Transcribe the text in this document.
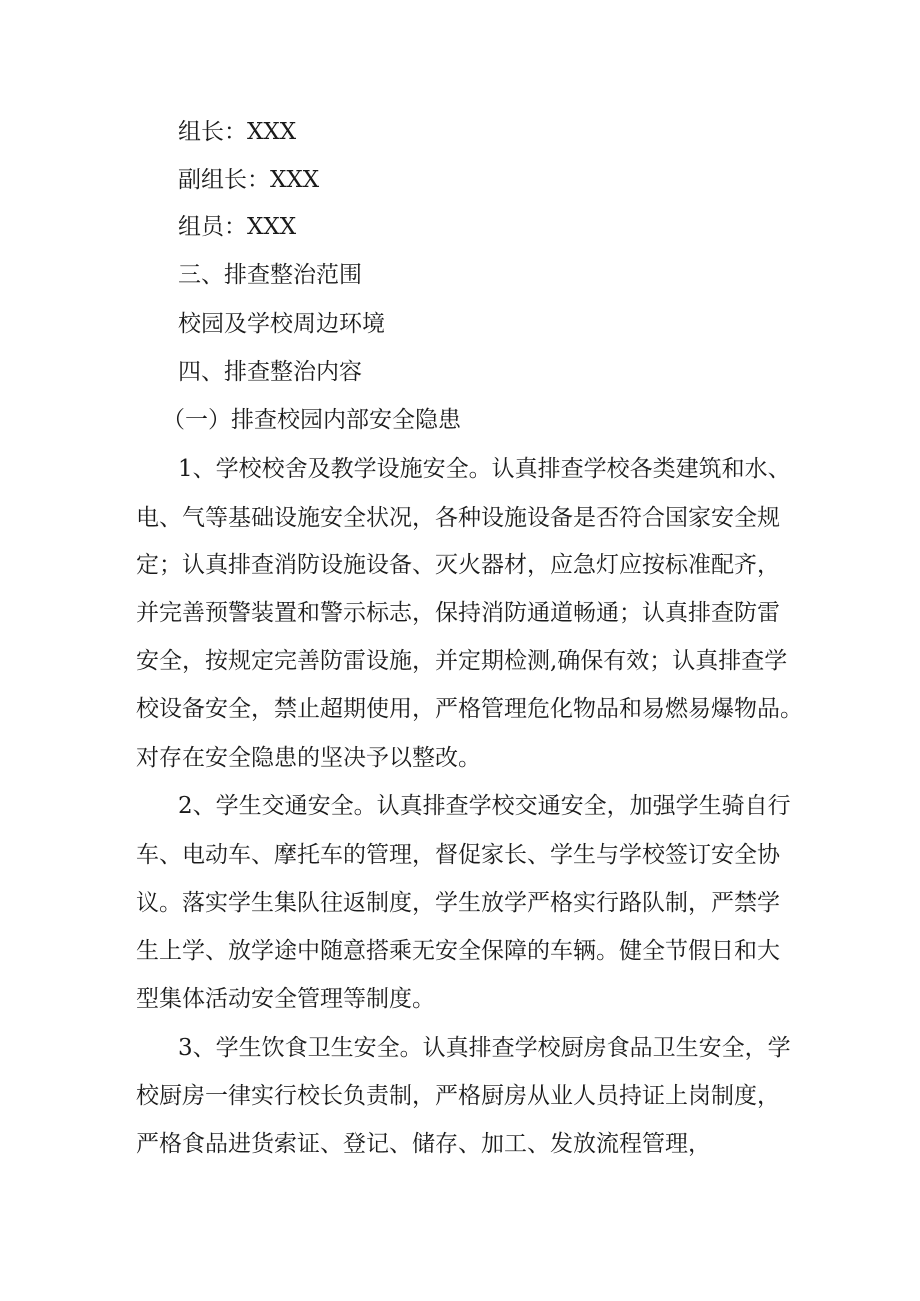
组长：XXX
副组长：XXX
组员：XXX
三、排查整治范围
校园及学校周边环境
四、排查整治内容
（一）排查校园内部安全隐患
1、学校校舍及教学设施安全。认真排查学校各类建筑和水、
电、气等基础设施安全状况，各种设施设备是否符合国家安全规
定；认真排查消防设施设备、灭火器材，应急灯应按标准配齐，
并完善预警装置和警示标志，保持消防通道畅通；认真排查防雷
安全，按规定完善防雷设施，并定期检测,确保有效；认真排查学
校设备安全，禁止超期使用，严格管理危化物品和易燃易爆物品。
对存在安全隐患的坚决予以整改。
2、学生交通安全。认真排查学校交通安全，加强学生骑自行
车、电动车、摩托车的管理，督促家长、学生与学校签订安全协
议。落实学生集队往返制度，学生放学严格实行路队制，严禁学
生上学、放学途中随意搭乘无安全保障的车辆。健全节假日和大
型集体活动安全管理等制度。
3、学生饮食卫生安全。认真排查学校厨房食品卫生安全，学
校厨房一律实行校长负责制，严格厨房从业人员持证上岗制度，
严格食品进货索证、登记、储存、加工、发放流程管理，
